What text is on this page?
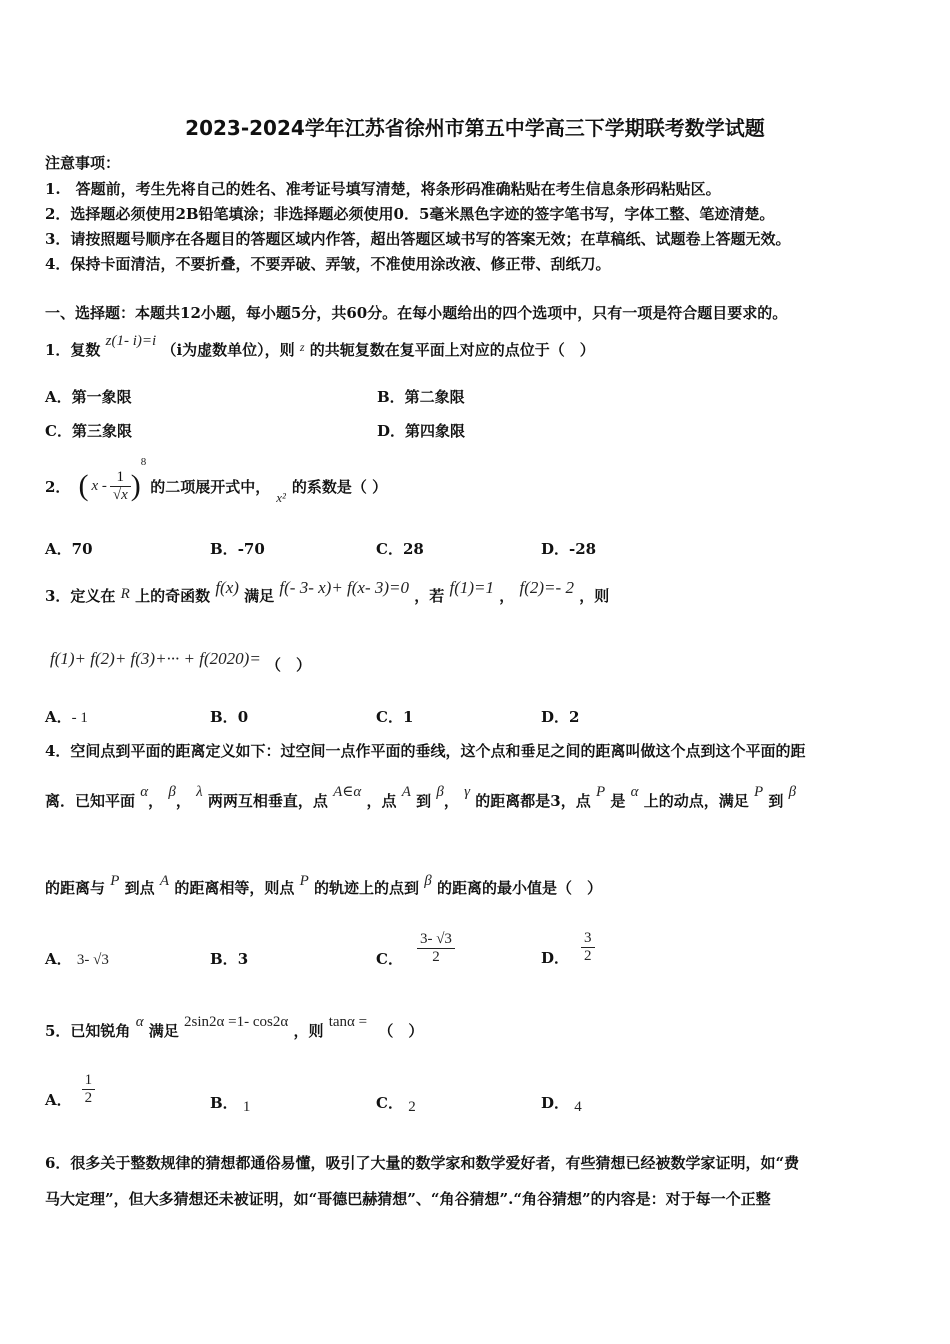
2023-2024学年江苏省徐州市第五中学高三下学期联考数学试题
注意事项：
1.　答题前，考生先将自己的姓名、准考证号填写清楚，将条形码准确粘贴在考生信息条形码粘贴区。
2．选择题必须使用2B铅笔填涂；非选择题必须使用0．5毫米黑色字迹的签字笔书写，字体工整、笔迹清楚。
3．请按照题号顺序在各题目的答题区域内作答，超出答题区域书写的答案无效；在草稿纸、试题卷上答题无效。
4．保持卡面清洁，不要折叠，不要弄破、弄皱，不准使用涂改液、修正带、刮纸刀。
一、选择题：本题共12小题，每小题5分，共60分。在每小题给出的四个选项中，只有一项是符合题目要求的。
1．复数 z(1- i)=i （i为虚数单位），则 $^z$ 的共轭复数在复平面上对应的点位于（　）
A．第一象限	B．第二象限
C．第三象限	D．第四象限
2． ( x - $\frac{1}{√x}$ )
8
的二项展开式中，
x²
的系数是（ ）
A．70	B．-70	C．28	D．-28
3．定义在 R 上的奇函数 f(x) 满足 f(- 3- x)+ f(x- 3)=0 ，若 f(1)=1 ， f(2)=- 2 ，则
f(1)+ f(2)+ f(3)+··· + f(2020)= （　）
A．- 1	B．0	C．1	D．2
4．空间点到平面的距离定义如下：过空间一点作平面的垂线，这个点和垂足之间的距离叫做这个点到这个平面的距
离．已知平面 α， β， λ 两两互相垂直，点 A∈α ，点 A 到 β， γ 的距离都是3，点 P 是 α 上的动点，满足 P 到 β
的距离与 P 到点 A 的距离相等，则点 P 的轨迹上的点到 β 的距离的最小值是（　）
A． 3- √3	B．3	C． $\frac{3- √3}{2}$	D． $\frac{3}{2}$
5．已知锐角 α 满足 2sin2α =1- cos2α ，则 tanα = （　）
A． $\frac{1}{2}$	B． 1	C． 2	D． 4
6．很多关于整数规律的猜想都通俗易懂，吸引了大量的数学家和数学爱好者，有些猜想已经被数学家证明，如“费
马大定理”，但大多猜想还未被证明，如“哥德巴赫猜想”、“角谷猜想”.“角谷猜想”的内容是：对于每一个正整
